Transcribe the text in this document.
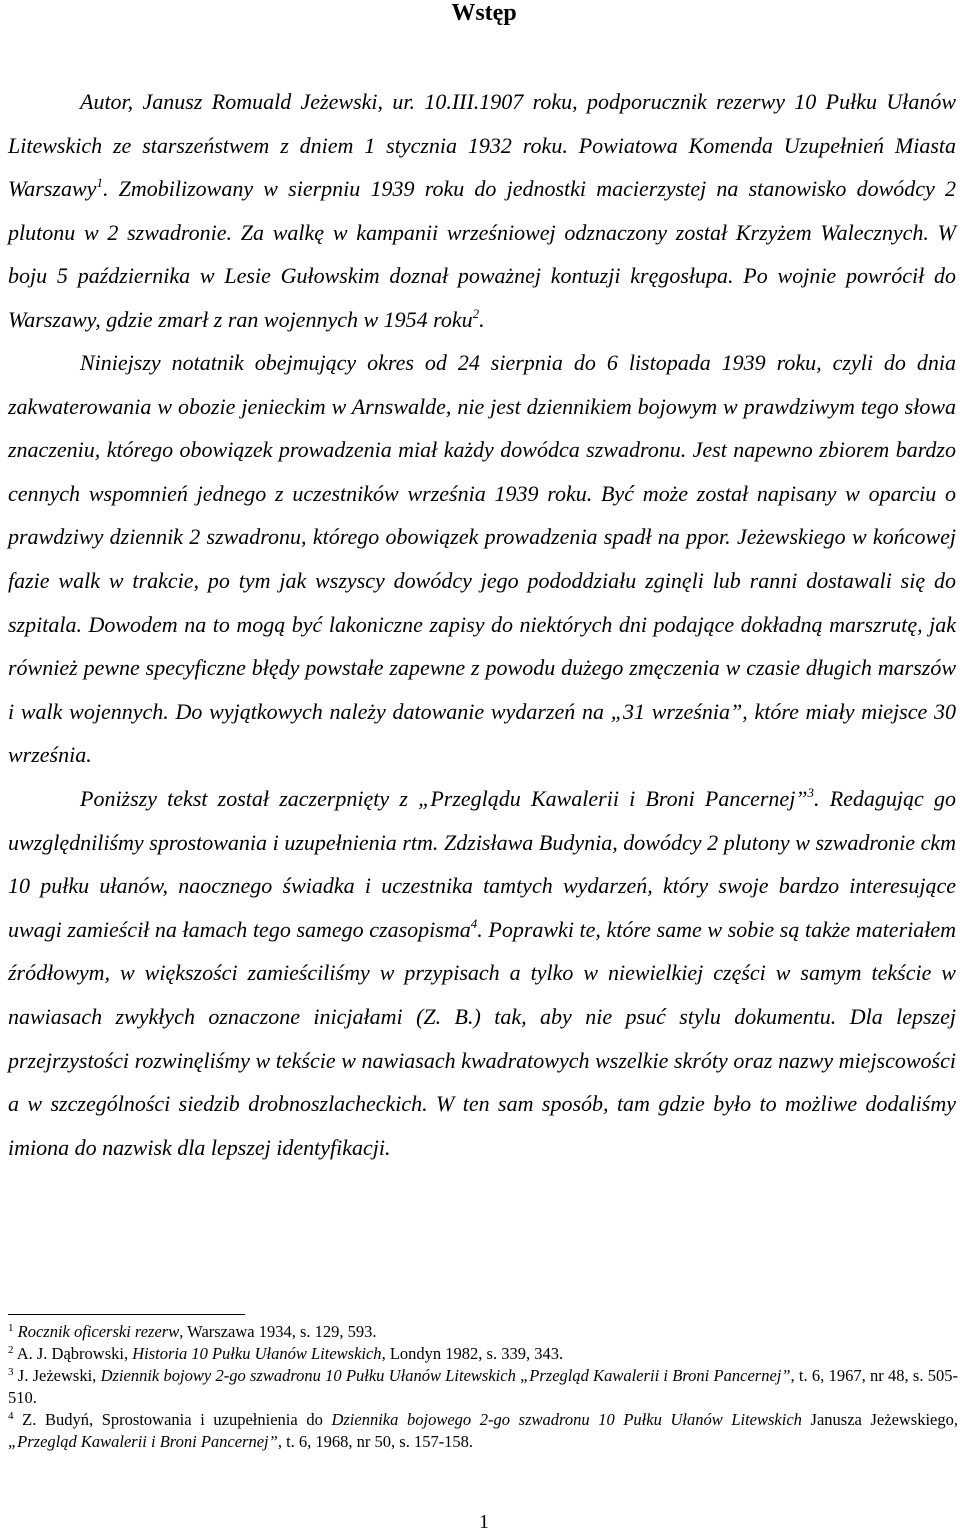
Wstęp

Autor, Janusz Romuald Jeżewski, ur. 10.III.1907 roku, podporucznik rezerwy 10 Pułku Ułanów Litewskich ze starszeństwem z dniem 1 stycznia 1932 roku. Powiatowa Komenda Uzupełnień Miasta Warszawy$^1$. Zmobilizowany w sierpniu 1939 roku do jednostki macierzystej na stanowisko dowódcy 2 plutonu w 2 szwadronie. Za walkę w kampanii wrześniowej odznaczony został Krzyżem Walecznych. W boju 5 października w Lesie Gułowskim doznał poważnej kontuzji kręgosłupa. Po wojnie powrócił do Warszawy, gdzie zmarł z ran wojennych w 1954 roku$^2$.

Niniejszy notatnik obejmujący okres od 24 sierpnia do 6 listopada 1939 roku, czyli do dnia zakwaterowania w obozie jenieckim w Arnswalde, nie jest dziennikiem bojowym w prawdziwym tego słowa znaczeniu, którego obowiązek prowadzenia miał każdy dowódca szwadronu. Jest napewno zbiorem bardzo cennych wspomnień jednego z uczestników września 1939 roku. Być może został napisany w oparciu o prawdziwy dziennik 2 szwadronu, którego obowiązek prowadzenia spadł na ppor. Jeżewskiego w końcowej fazie walk w trakcie, po tym jak wszyscy dowódcy jego pododdziału zginęli lub ranni dostawali się do szpitala. Dowodem na to mogą być lakoniczne zapisy do niektórych dni podające dokładną marszrutę, jak również pewne specyficzne błędy powstałe zapewne z powodu dużego zmęczenia w czasie długich marszów i walk wojennych. Do wyjątkowych należy datowanie wydarzeń na „31 września”, które miały miejsce 30 września.

Poniższy tekst został zaczerpnięty z „Przeglądu Kawalerii i Broni Pancernej”$^3$. Redagując go uwzględniliśmy sprostowania i uzupełnienia rtm. Zdzisława Budynia, dowódcy 2 plutony w szwadronie ckm 10 pułku ułanów, naocznego świadka i uczestnika tamtych wydarzeń, który swoje bardzo interesujące uwagi zamieścił na łamach tego samego czasopisma$^4$. Poprawki te, które same w sobie są także materiałem źródłowym, w większości zamieściliśmy w przypisach a tylko w niewielkiej części w samym tekście w nawiasach zwykłych oznaczone inicjałami (Z. B.) tak, aby nie psuć stylu dokumentu. Dla lepszej przejrzystości rozwinęliśmy w tekście w nawiasach kwadratowych wszelkie skróty oraz nazwy miejscowości a w szczególności siedzib drobnoszlacheckich. W ten sam sposób, tam gdzie było to możliwe dodaliśmy imiona do nazwisk dla lepszej identyfikacji.

$^1$ Rocznik oficerski rezerw, Warszawa 1934, s. 129, 593.

$^2$ A. J. Dąbrowski, Historia 10 Pułku Ułanów Litewskich, Londyn 1982, s. 339, 343.

$^3$ J. Jeżewski, Dziennik bojowy 2-go szwadronu 10 Pułku Ułanów Litewskich „Przegląd Kawalerii i Broni Pancernej”, t. 6, 1967, nr 48, s. 505-510.

$^4$ Z. Budyń, Sprostowania i uzupełnienia do Dziennika bojowego 2-go szwadronu 10 Pułku Ułanów Litewskich Janusza Jeżewskiego, „Przegląd Kawalerii i Broni Pancernej”, t. 6, 1968, nr 50, s. 157-158.

1
